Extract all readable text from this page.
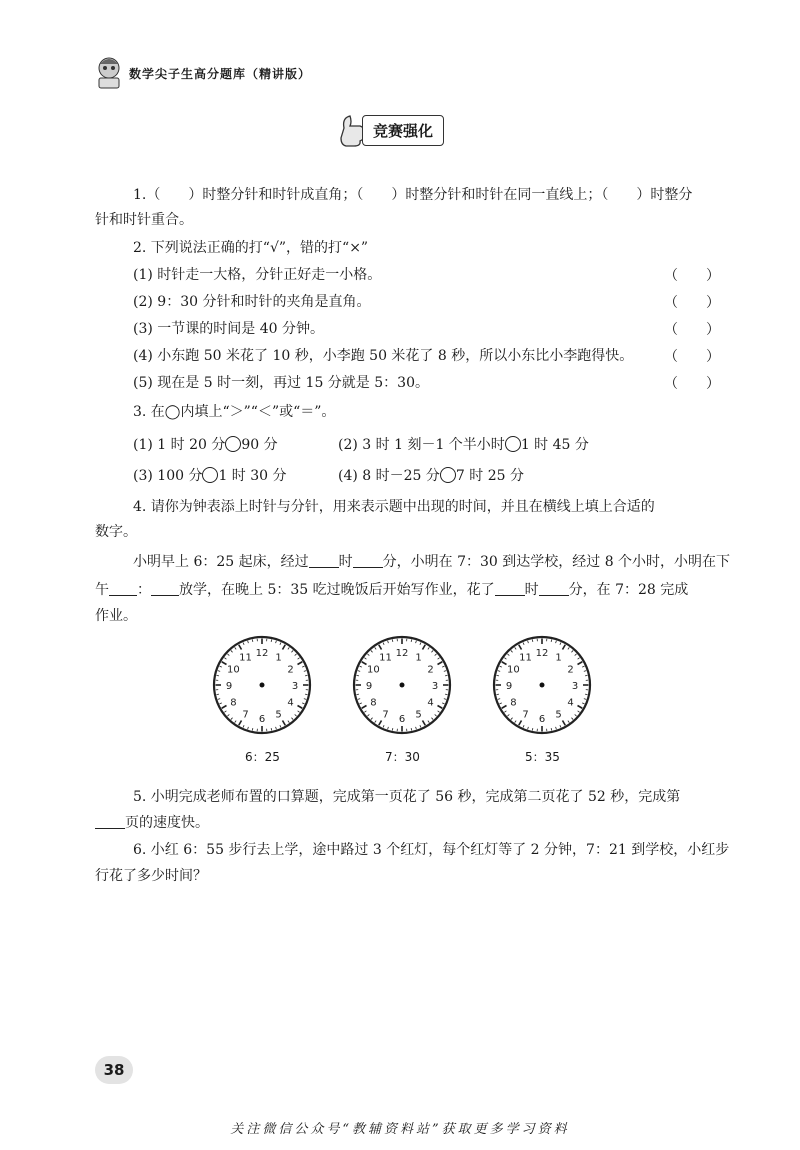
数学尖子生高分题库（精讲版）
竞赛强化
1.（ ）时整分针和时针成直角；（ ）时整分针和时针在同一直线上；（ ）时整分
针和时针重合。
2. 下列说法正确的打“√”，错的打“×”
(1) 时针走一大格，分针正好走一小格。	（　　）
(2) 9：30 分针和时针的夹角是直角。	（　　）
(3) 一节课的时间是 40 分钟。	（　　）
(4) 小东跑 50 米花了 10 秒，小李跑 50 米花了 8 秒，所以小东比小李跑得快。 （　　）
(5) 现在是 5 时一刻，再过 15 分就是 5：30。	（　　）
3. 在◯内填上“＞”“＜”或“＝”。
(1) 1 时 20 分 90 分	(2) 3 时 1 刻－1 个半小时 1 时 45 分
(3) 100 分 1 时 30 分	(4) 8 时－25 分 7 时 25 分
4. 请你为钟表添上时针与分针，用来表示题中出现的时间，并且在横线上填上合适的
数字。
小明早上 6：25 起床，经过 时 分，小明在 7：30 到达学校，经过 8 个小时，小明在下
午 ： 放学，在晚上 5：35 吃过晚饭后开始写作业，花了 时 分，在 7：28 完成
作业。
12 1
2
3
4
5
6
7
8
9
10
11	12 1
2
3
4
5
6
7
8
9
10
11	12 1
2
3
4
5
6
7
8
9
10
11
6：25	7：30	5：35
5. 小明完成老师布置的口算题，完成第一页花了 56 秒，完成第二页花了 52 秒，完成第
页的速度快。
6. 小红 6：55 步行去上学，途中路过 3 个红灯，每个红灯等了 2 分钟，7：21 到学校，小红步
行花了多少时间？
38
关注微信公众号“教辅资料站”获取更多学习资料
